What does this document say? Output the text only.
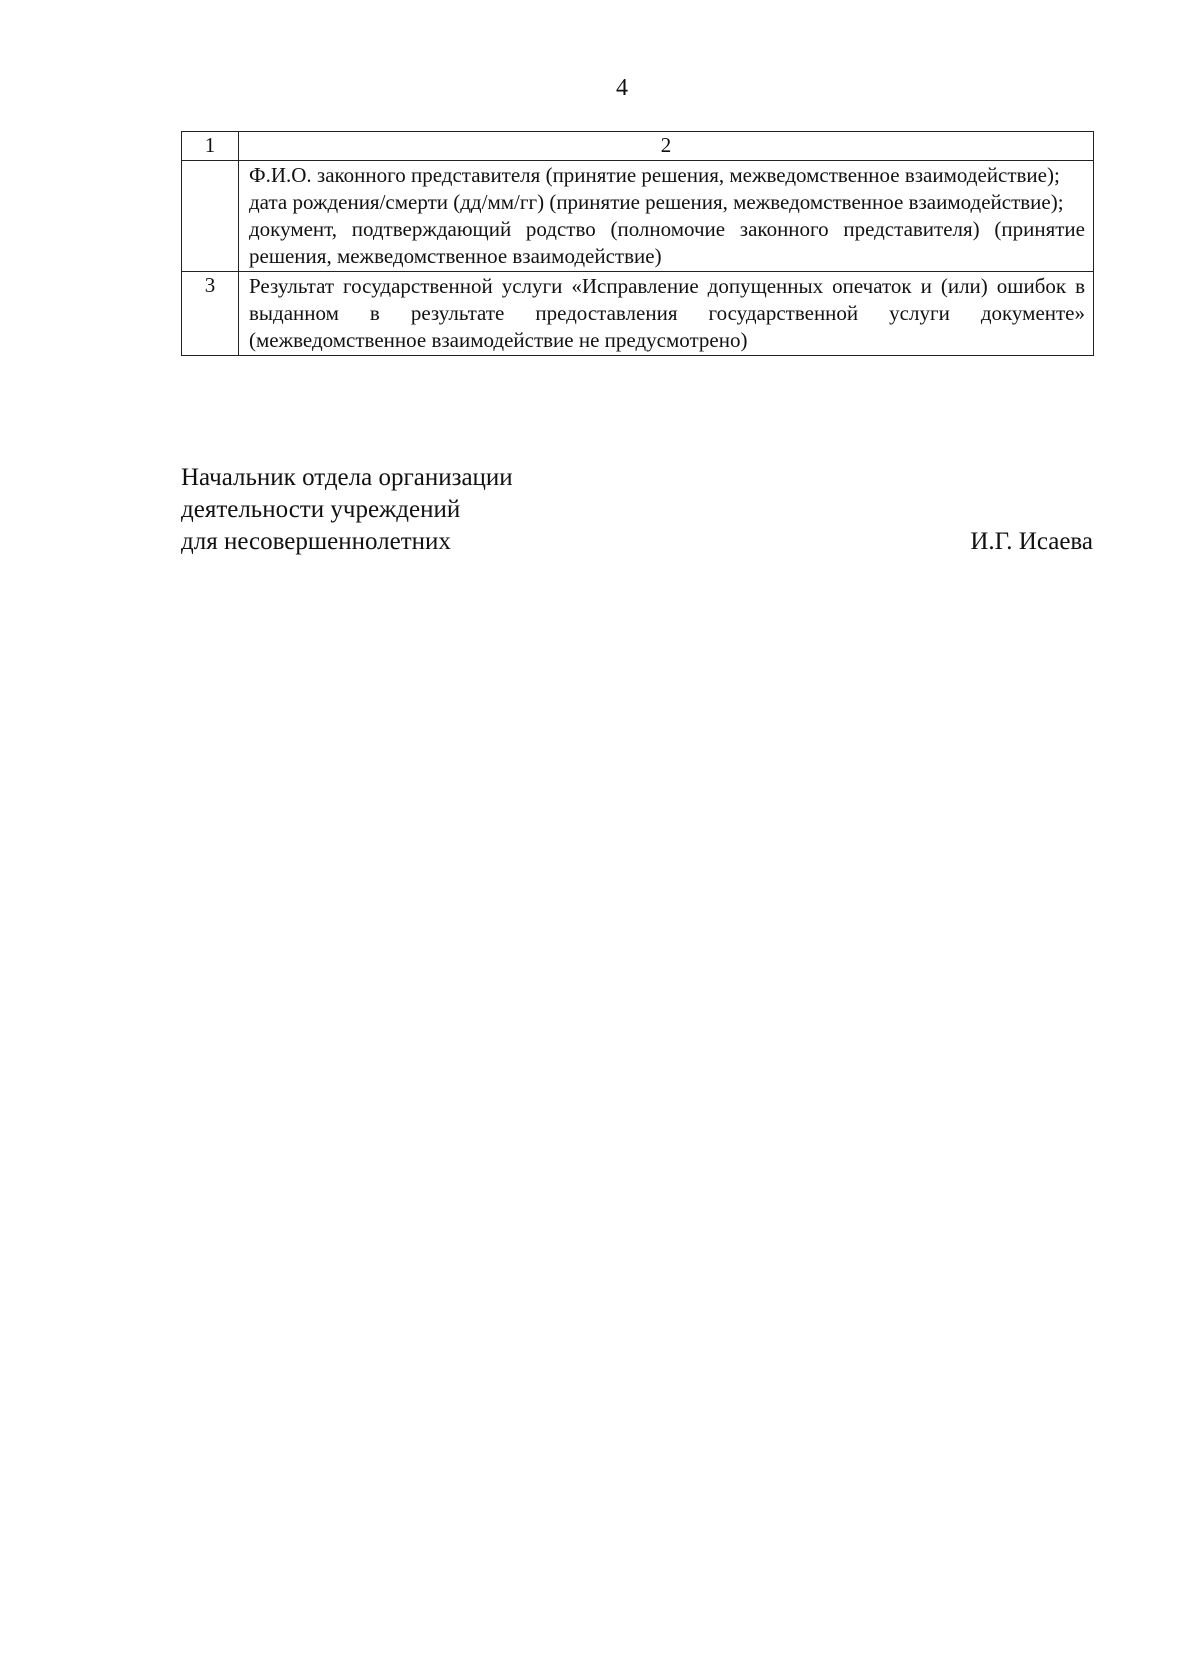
4
1	2

	Ф.И.О. законного представителя (принятие решения, межведомственное взаимодействие);
дата рождения/смерти (дд/мм/гг) (принятие решения, межведомственное взаимодействие);
документ, подтверждающий родство (полномочие законного представителя) (принятие решения, межведомственное взаимодействие)

3	Результат государственной услуги «Исправление допущенных опечаток и (или) ошибок в выданном в результате предоставления государственной услуги документе» (межведомственное взаимодействие не предусмотрено)
Начальник отдела организации
деятельности учреждений
для несовершеннолетних	И.Г. Исаева
